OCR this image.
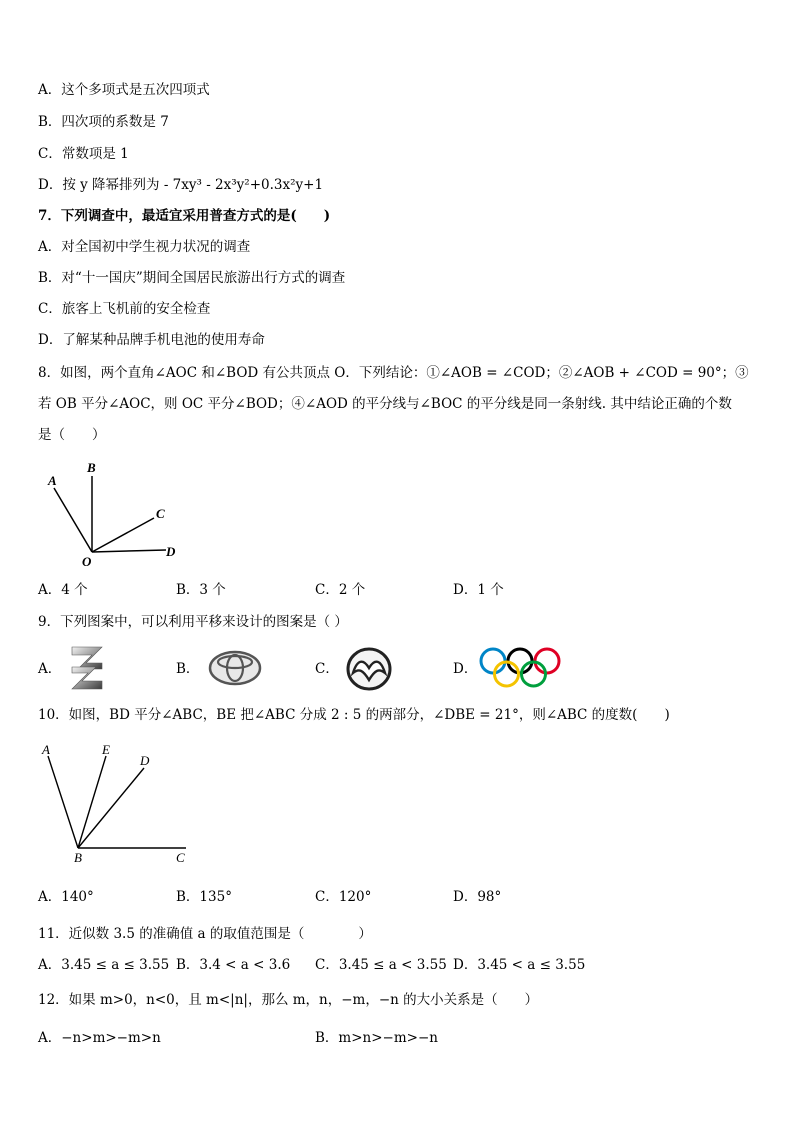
A．这个多项式是五次四项式
B．四次项的系数是 7
C．常数项是 1
D．按 y 降幂排列为 - 7xy³ - 2x³y²+0.3x²y+1
7．下列调查中，最适宜采用普查方式的是(　　)
A．对全国初中学生视力状况的调查
B．对“十一国庆”期间全国居民旅游出行方式的调查
C．旅客上飞机前的安全检查
D．了解某种品牌手机电池的使用寿命
8．如图，两个直角∠AOC 和∠BOD 有公共顶点 O．下列结论：①∠AOB = ∠COD；②∠AOB + ∠COD = 90°；③
若 OB 平分∠AOC，则 OC 平分∠BOD；④∠AOD 的平分线与∠BOC 的平分线是同一条射线. 其中结论正确的个数
是（　　）
B
A
C
D
O
A．4 个	B．3 个	C．2 个	D．1 个
9．下列图案中，可以利用平移来设计的图案是（ ）
A．	B．	C．	D．
10．如图，BD 平分∠ABC，BE 把∠ABC 分成 2 : 5 的两部分，∠DBE = 21°，则∠ABC 的度数(　　)
A	E
D
B	C
A．140°	B．135°	C．120°	D．98°
11．近似数 3.5 的准确值 a 的取值范围是（　　　　）
A．3.45 ≤ a ≤ 3.55 B．3.4 < a < 3.6 C．3.45 ≤ a < 3.55 D．3.45 < a ≤ 3.55
12．如果 m>0，n<0，且 m<|n|，那么 m，n，−m，−n 的大小关系是（　　）
A．−n>m>−m>n	B．m>n>−m>−n
